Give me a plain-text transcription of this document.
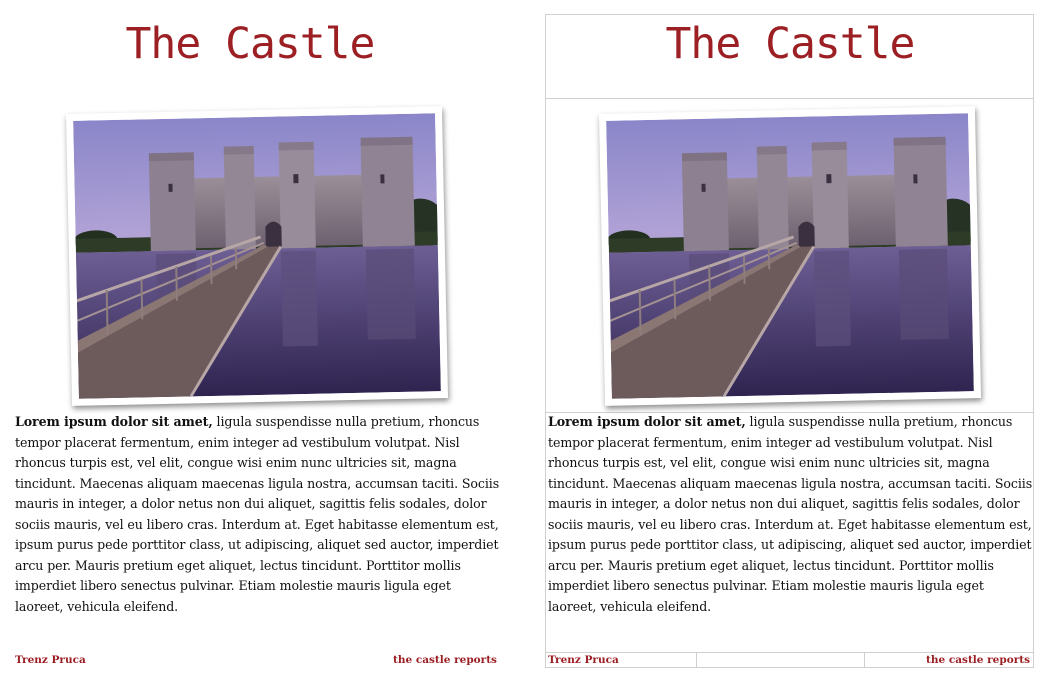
The Castle
Lorem ipsum dolor sit amet, ligula suspendisse nulla pretium, rhoncus tempor placerat fermentum, enim integer ad vestibulum volutpat. Nisl rhoncus turpis est, vel elit, congue wisi enim nunc ultricies sit, magna tincidunt. Maecenas aliquam maecenas ligula nostra, accumsan taciti. Sociis mauris in integer, a dolor netus non dui aliquet, sagittis felis sodales, dolor sociis mauris, vel eu libero cras. Interdum at. Eget habitasse elementum est, ipsum purus pede porttitor class, ut adipiscing, aliquet sed auctor, imperdiet arcu per. Mauris pretium eget aliquet, lectus tincidunt. Porttitor mollis imperdiet libero senectus pulvinar. Etiam molestie mauris ligula eget laoreet, vehicula eleifend.
Trenz Pruca	the castle reports
The Castle
Lorem ipsum dolor sit amet, ligula suspendisse nulla pretium, rhoncus tempor placerat fermentum, enim integer ad vestibulum volutpat. Nisl rhoncus turpis est, vel elit, congue wisi enim nunc ultricies sit, magna tincidunt. Maecenas aliquam maecenas ligula nostra, accumsan taciti. Sociis mauris in integer, a dolor netus non dui aliquet, sagittis felis sodales, dolor sociis mauris, vel eu libero cras. Interdum at. Eget habitasse elementum est, ipsum purus pede porttitor class, ut adipiscing, aliquet sed auctor, imperdiet arcu per. Mauris pretium eget aliquet, lectus tincidunt. Porttitor mollis imperdiet libero senectus pulvinar. Etiam molestie mauris ligula eget laoreet, vehicula eleifend.
Trenz Pruca	the castle reports
